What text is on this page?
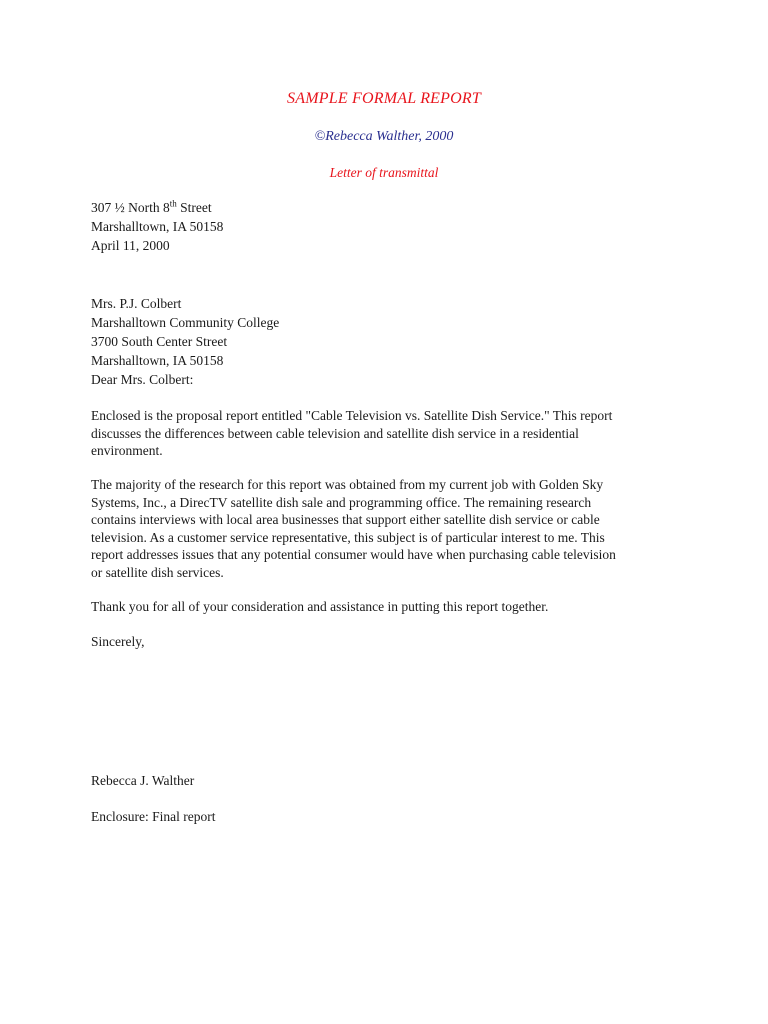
SAMPLE FORMAL REPORT
©Rebecca Walther, 2000
Letter of transmittal
307 ½ North 8th Street
Marshalltown, IA 50158
April 11, 2000
Mrs. P.J. Colbert
Marshalltown Community College
3700 South Center Street
Marshalltown, IA 50158
Dear Mrs. Colbert:
Enclosed is the proposal report entitled "Cable Television vs. Satellite Dish Service." This report
discusses the differences between cable television and satellite dish service in a residential
environment.
The majority of the research for this report was obtained from my current job with Golden Sky
Systems, Inc., a DirecTV satellite dish sale and programming office. The remaining research
contains interviews with local area businesses that support either satellite dish service or cable
television. As a customer service representative, this subject is of particular interest to me. This
report addresses issues that any potential consumer would have when purchasing cable television
or satellite dish services.
Thank you for all of your consideration and assistance in putting this report together.
Sincerely,
Rebecca J. Walther
Enclosure: Final report
